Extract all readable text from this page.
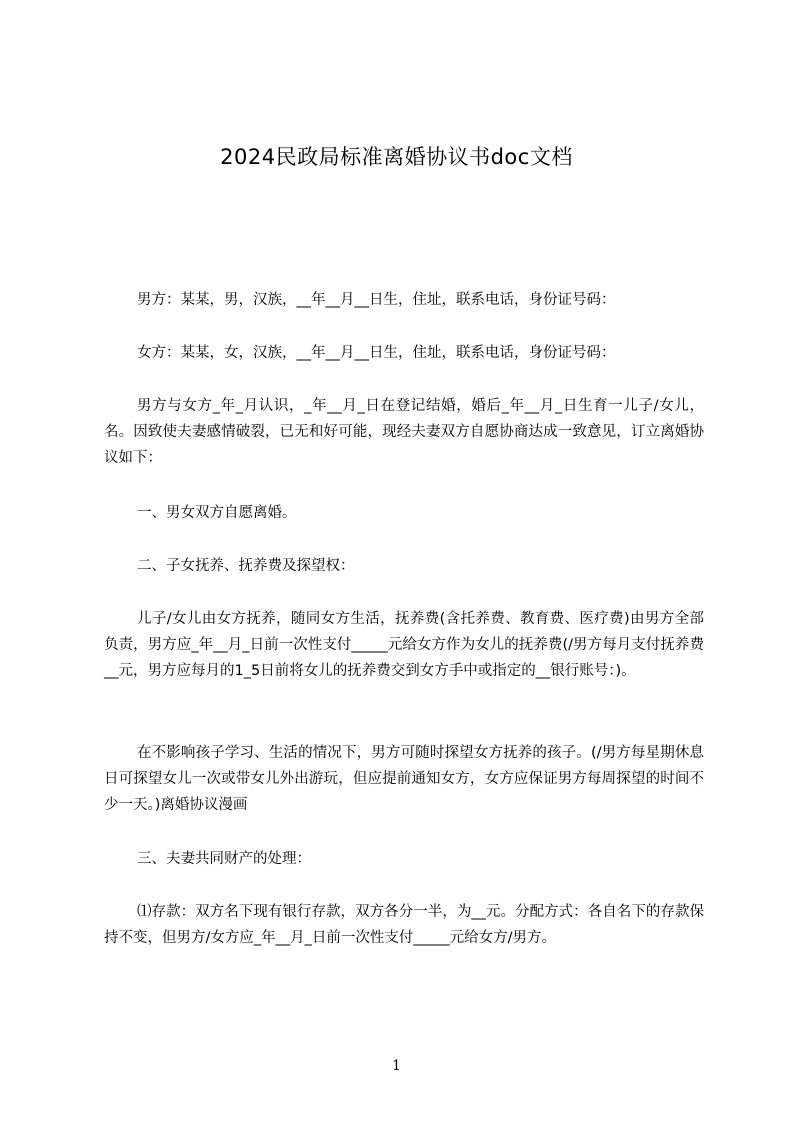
2024民政局标准离婚协议书doc文档
男方：某某，男，汉族，__年__月__日生，住址，联系电话，身份证号码：
女方：某某，女，汉族，__年__月__日生，住址，联系电话，身份证号码：
男方与女方_年_月认识，_年__月_日在登记结婚，婚后_年__月_日生育一儿子/女儿，名。因致使夫妻感情破裂，已无和好可能，现经夫妻双方自愿协商达成一致意见，订立离婚协议如下：
一、男女双方自愿离婚。
二、子女抚养、抚养费及探望权：
儿子/女儿由女方抚养，随同女方生活，抚养费(含托养费、教育费、医疗费)由男方全部负责，男方应_年__月_日前一次性支付_____元给女方作为女儿的抚养费(/男方每月支付抚养费__元，男方应每月的1_5日前将女儿的抚养费交到女方手中或指定的__银行账号：)。
在不影响孩子学习、生活的情况下，男方可随时探望女方抚养的孩子。(/男方每星期休息日可探望女儿一次或带女儿外出游玩，但应提前通知女方，女方应保证男方每周探望的时间不少一天。)离婚协议漫画
三、夫妻共同财产的处理：
⑴存款：双方名下现有银行存款，双方各分一半，为__元。分配方式：各自名下的存款保持不变，但男方/女方应_年__月_日前一次性支付_____元给女方/男方。
1
